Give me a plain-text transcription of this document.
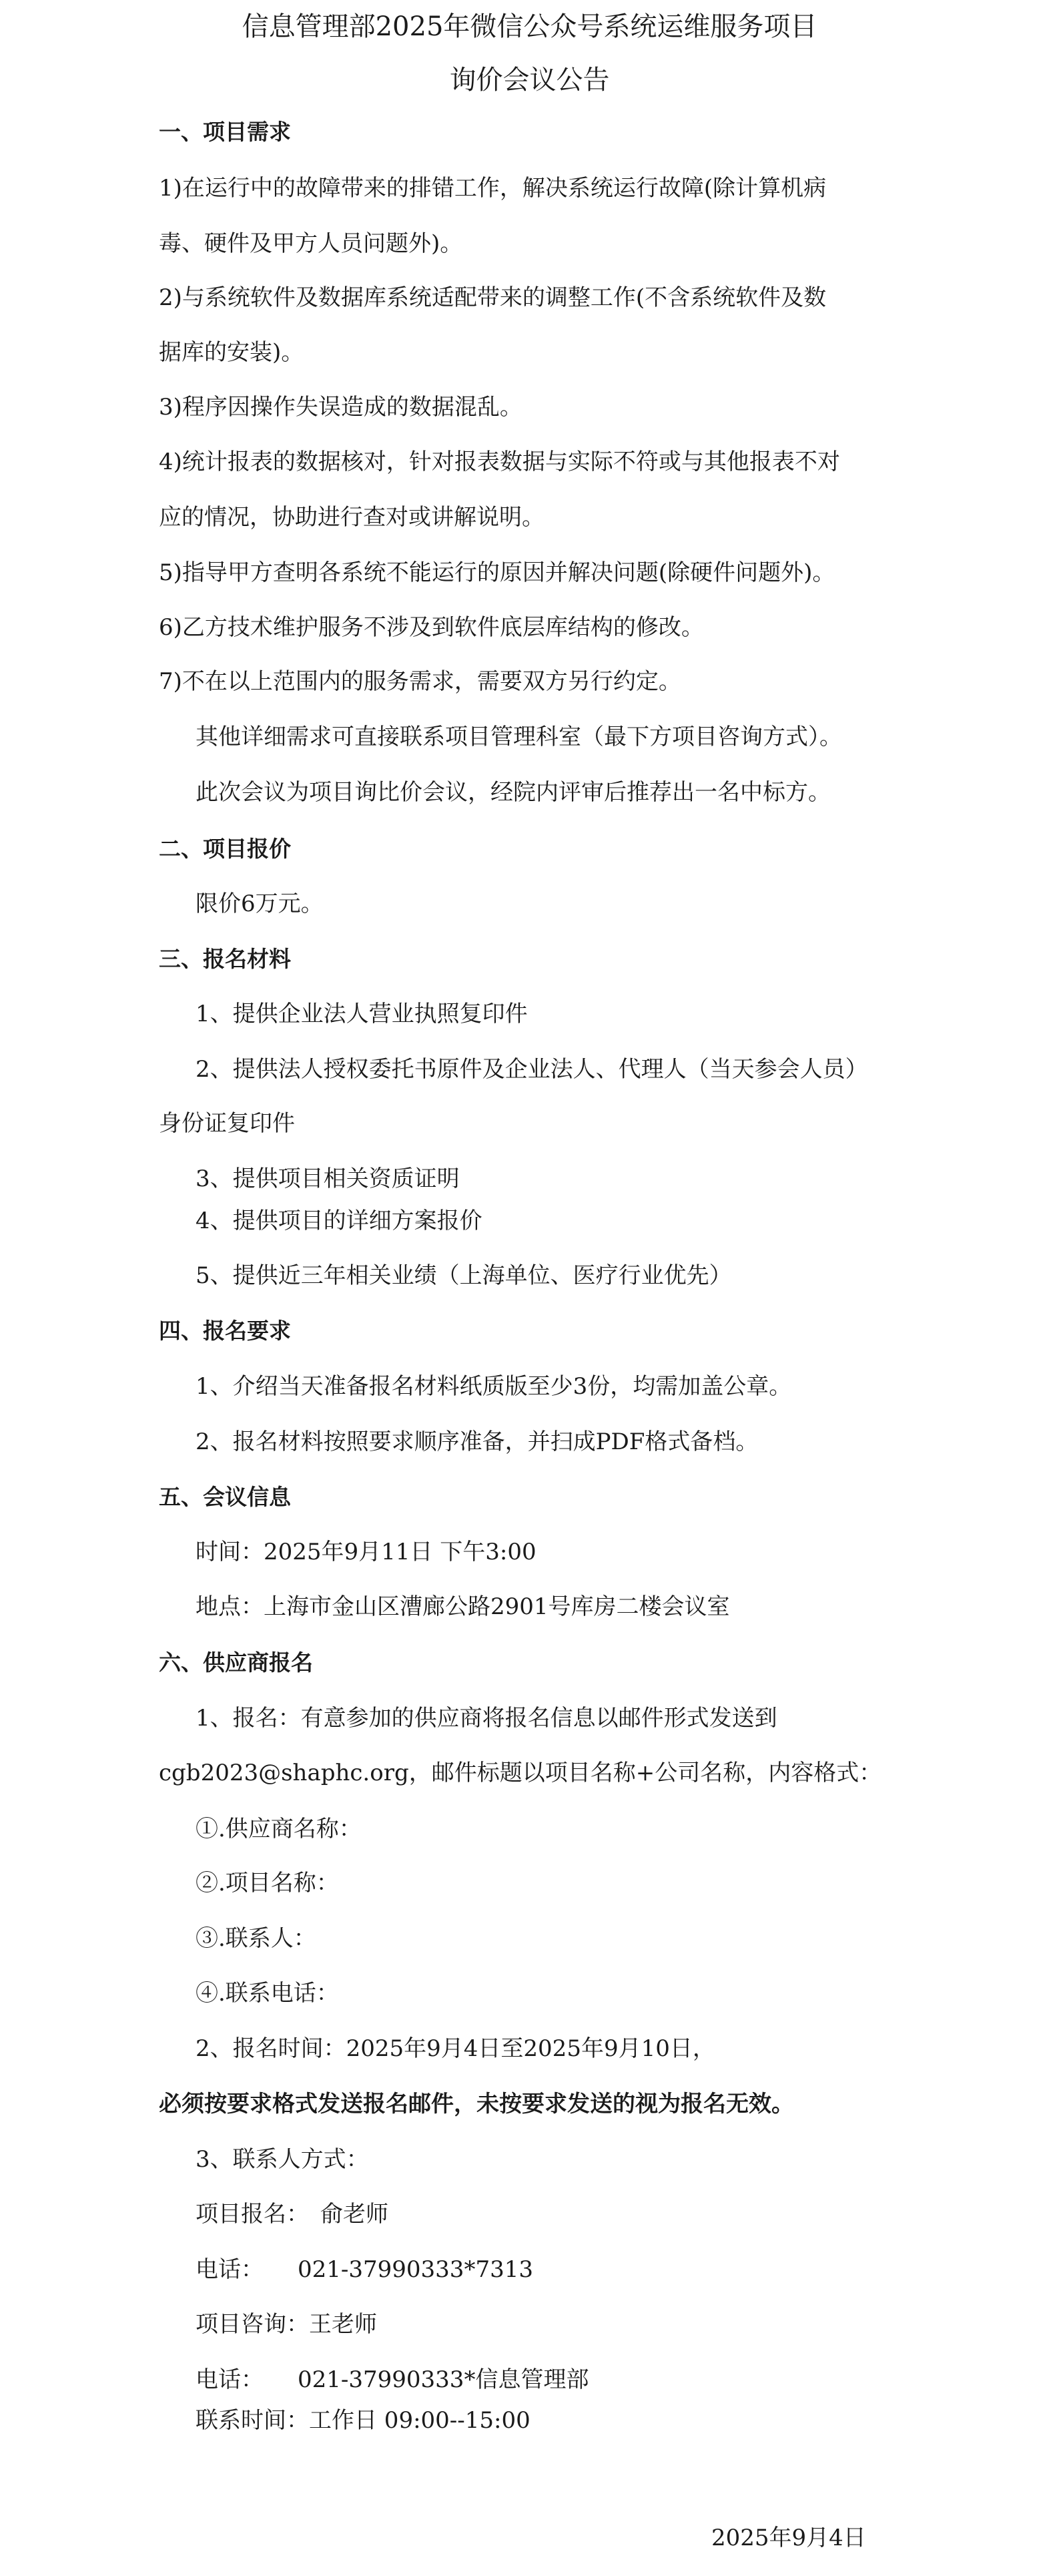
信息管理部2025年微信公众号系统运维服务项目
询价会议公告

一、项目需求

1)在运行中的故障带来的排错工作，解决系统运行故障(除计算机病

毒、硬件及甲方人员问题外)。

2)与系统软件及数据库系统适配带来的调整工作(不含系统软件及数

据库的安装)。

3)程序因操作失误造成的数据混乱。

4)统计报表的数据核对，针对报表数据与实际不符或与其他报表不对

应的情况，协助进行查对或讲解说明。

5)指导甲方查明各系统不能运行的原因并解决问题(除硬件问题外)。

6)乙方技术维护服务不涉及到软件底层库结构的修改。

7)不在以上范围内的服务需求，需要双方另行约定。

其他详细需求可直接联系项目管理科室（最下方项目咨询方式）。

此次会议为项目询比价会议，经院内评审后推荐出一名中标方。

二、项目报价

限价6万元。

三、报名材料

1、提供企业法人营业执照复印件

2、提供法人授权委托书原件及企业法人、代理人（当天参会人员）

身份证复印件

3、提供项目相关资质证明

4、提供项目的详细方案报价

5、提供近三年相关业绩（上海单位、医疗行业优先）

四、报名要求

1、介绍当天准备报名材料纸质版至少3份，均需加盖公章。

2、报名材料按照要求顺序准备，并扫成PDF格式备档。

五、会议信息

时间：2025年9月11日 下午3:00

地点：上海市金山区漕廊公路2901号库房二楼会议室

六、供应商报名

1、报名：有意参加的供应商将报名信息以邮件形式发送到

cgb2023@shaphc.org，邮件标题以项目名称+公司名称，内容格式：

①.供应商名称：

②.项目名称：

③.联系人：

④.联系电话：

2、报名时间：2025年9月4日至2025年9月10日，

必须按要求格式发送报名邮件，未按要求发送的视为报名无效。

3、联系人方式：

项目报名：　俞老师

电话：　　021-37990333*7313

项目咨询：王老师

电话：　　021-37990333*信息管理部

联系时间：工作日 09:00--15:00

2025年9月4日
